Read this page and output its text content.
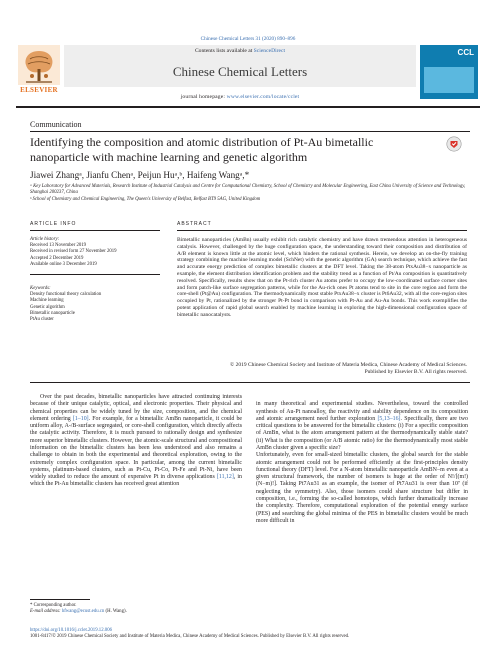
Chinese Chemical Letters 31 (2020) 890–896
Contents lists available at ScienceDirect
Chinese Chemical Letters
journal homepage: www.elsevier.com/locate/cclet
ELSEVIER
CCL
Communication
Identifying the composition and atomic distribution of Pt-Au bimetallic nanoparticle with machine learning and genetic algorithm
Jiawei Zhangᵃ, Jianfu Chenᵃ, Peijun Huᵃ,ᵇ, Haifeng Wangᵃ,*
ᵃ Key Laboratory for Advanced Materials, Research Institute of Industrial Catalysis and Centre for Computational Chemistry, School of Chemistry and Molecular Engineering, East China University of Science and Technology, Shanghai 200237, China
ᵇ School of Chemistry and Chemical Engineering, The Queen's University of Belfast, Belfast BT9 5AG, United Kingdom
ARTICLE INFO
Article history:
Received 13 November 2019
Received in revised form 27 November 2019
Accepted 2 December 2019
Available online 3 December 2019
Keywords:
Density functional theory calculation
Machine learning
Genetic algorithm
Bimetallic nanoparticle
PtAu cluster
ABSTRACT
Bimetallic nanoparticles (AmBn) usually exhibit rich catalytic chemistry and have drawn tremendous attention in heterogeneous catalysis. However, challenged by the huge configuration space, the understanding toward their composition and distribution of A/B element is known little at the atomic level, which hinders the rational synthesis. Herein, we develop an on-the-fly training strategy combining the machine learning model (SchNet) with the genetic algorithm (GA) search technique, which achieve the fast and accurate energy prediction of complex bimetallic clusters at the DFT level. Taking the 38-atom PtxAu38−x nanoparticle as example, the element distribution identification problem and the stability trend as a function of Pt/Au composition is quantitatively resolved. Specifically, results show that on the Pt-rich cluster Au atoms prefer to occupy the low-coordinated surface corner sites and form patch-like surface segregation patterns, while for the Au-rich ones Pt atoms tend to site in the core region and form the core-shell (Pt@Au) configuration. The thermodynamically most stable PtxAu38−x cluster is Pt6Au32, with all the core-region sites occupied by Pt, rationalized by the stronger Pt-Pt bond in comparison with Pt-Au and Au-Au bonds. This work exemplifies the potent application of rapid global search enabled by machine learning in exploring the high-dimensional configuration space of bimetallic nanocatalysts.
© 2019 Chinese Chemical Society and Institute of Materia Medica, Chinese Academy of Medical Sciences.
Published by Elsevier B.V. All rights reserved.
Over the past decades, bimetallic nanoparticles have attracted continuing interests because of their unique catalytic, optical, and electronic properties. Their physical and chemical properties can be widely tuned by the size, composition, and the chemical element ordering [1–10]. For example, for a bimetallic AmBn nanoparticle, it could be uniform alloy, A-/B-surface segregated, or core-shell configuration, which directly affects the catalytic activity. Therefore, it is much pursued to rationally design and synthesize more superior bimetallic clusters. However, the atomic-scale structural and compositional information on the bimetallic clusters has been less understood and also remains a challenge to obtain in both the experimental and theoretical exploration, owing to the extremely complex configuration space. In particular, among the current bimetallic systems, platinum-based clusters, such as Pt-Cu, Pt-Co, Pt-Fe and Pt-Ni, have been widely studied to reduce the amount of expensive Pt in diverse applications [11,12], in which the Pt-Au bimetallic clusters has received great attention

in many theoretical and experimental studies. Nevertheless, toward the controlled synthesis of Au-Pt nanoalloy, the reactivity and stability dependence on its composition and atomic arrangement need further exploration [5,13–16]. Specifically, there are two critical questions to be answered for the bimetallic clusters: (i) For a specific composition of AmBn, what is the atom arrangement pattern at the thermodynamically stable state? (ii) What is the composition (or A/B atomic ratio) for the thermodynamically most stable AmBn cluster given a specific size?
Unfortunately, even for small-sized bimetallic clusters, the global search for the stable atomic arrangement could not be performed efficiently at the first-principles density functional theory (DFT) level. For a N-atom bimetallic nanoparticle AmBN−m even at a given structural framework, the number of isomers is huge at the order of N!/[(m!)(N−m)!]. Taking Pt7Au31 as an example, the isomer of Pt7Au31 is over than 10⁷ (if neglecting the symmetry). Also, those isomers could share structure but differ in composition, i.e., forming the so-called homotops, which further dramatically increase the complexity. Therefore, computational exploration of the potential energy surface (PES) and searching the global minima of the PES in bimetallic clusters would be much more difficult in

* Corresponding author.
E-mail address: hfwang@ecust.edu.cn (H. Wang).
https://doi.org/10.1016/j.cclet.2019.12.006
1001-8417/© 2019 Chinese Chemical Society and Institute of Materia Medica, Chinese Academy of Medical Sciences. Published by Elsevier B.V. All rights reserved.
